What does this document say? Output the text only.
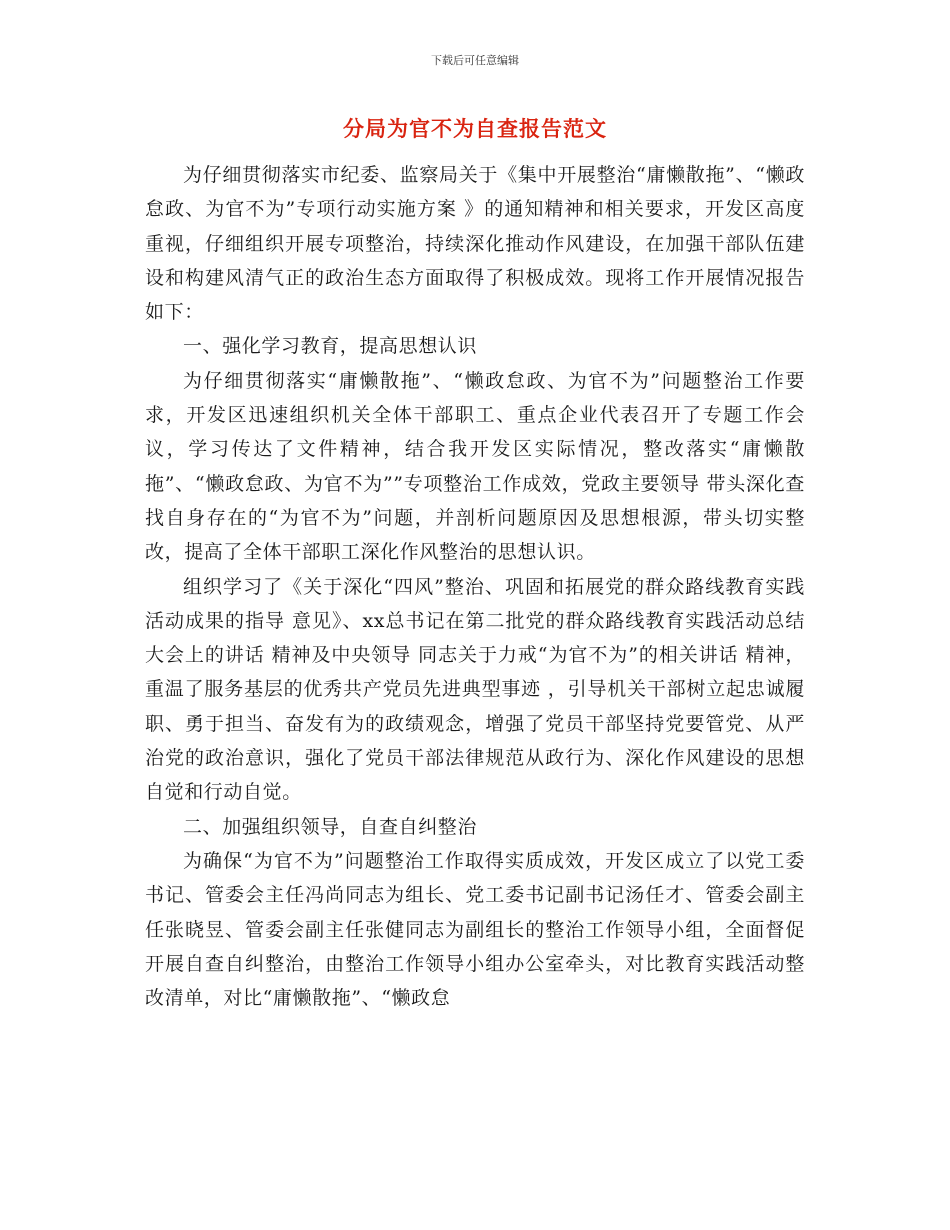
下载后可任意编辑
分局为官不为自查报告范文

为仔细贯彻落实市纪委、监察局关于《集中开展整治“庸懒散拖”、“懒政怠政、为官不为”专项行动实施方案 》的通知精神和相关要求，开发区高度重视，仔细组织开展专项整治，持续深化推动作风建设，在加强干部队伍建设和构建风清气正的政治生态方面取得了积极成效。现将工作开展情况报告 如下：

一、强化学习教育，提高思想认识

为仔细贯彻落实“庸懒散拖”、“懒政怠政、为官不为”问题整治工作要求，开发区迅速组织机关全体干部职工、重点企业代表召开了专题工作会议，学习传达了文件精神，结合我开发区实际情况，整改落实“庸懒散拖”、“懒政怠政、为官不为””专项整治工作成效，党政主要领导 带头深化查找自身存在的“为官不为”问题，并剖析问题原因及思想根源，带头切实整改，提高了全体干部职工深化作风整治的思想认识。

组织学习了《关于深化“四风”整治、巩固和拓展党的群众路线教育实践活动成果的指导 意见》、xx总书记在第二批党的群众路线教育实践活动总结 大会上的讲话 精神及中央领导 同志关于力戒“为官不为”的相关讲话 精神，重温了服务基层的优秀共产党员先进典型事迹 ，引导机关干部树立起忠诚履职、勇于担当、奋发有为的政绩观念，增强了党员干部坚持党要管党、从严治党的政治意识，强化了党员干部法律规范从政行为、深化作风建设的思想自觉和行动自觉。

二、加强组织领导，自查自纠整治

为确保“为官不为”问题整治工作取得实质成效，开发区成立了以党工委书记、管委会主任冯尚同志为组长、党工委书记副书记汤任才、管委会副主任张晓昱、管委会副主任张健同志为副组长的整治工作领导小组，全面督促开展自查自纠整治，由整治工作领导小组办公室牵头，对比教育实践活动整改清单，对比“庸懒散拖”、“懒政怠
